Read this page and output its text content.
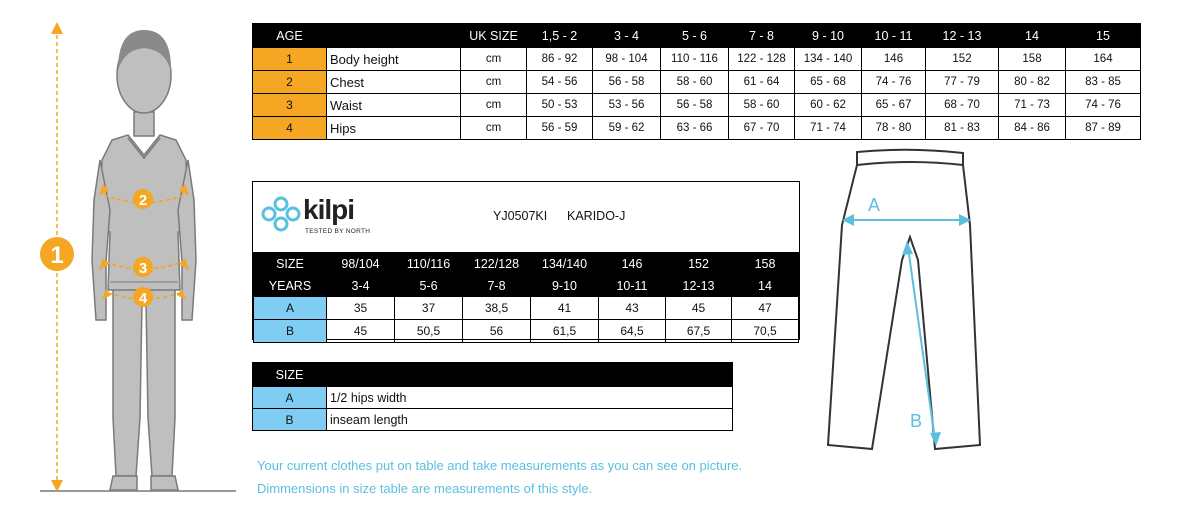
1
2
3
4
AGE		UK SIZE	1,5 - 2	3 - 4	5 - 6	7 - 8	9 - 10	10 - 11	12 - 13	14	15
1	Body height	cm	86 - 92	98 - 104	110 - 116	122 - 128	134 - 140	146	152	158	164
2	Chest	cm	54 - 56	56 - 58	58 - 60	61 - 64	65 - 68	74 - 76	77 - 79	80 - 82	83 - 85
3	Waist	cm	50 - 53	53 - 56	56 - 58	58 - 60	60 - 62	65 - 67	68 - 70	71 - 73	74 - 76
4	Hips	cm	56 - 59	59 - 62	63 - 66	67 - 70	71 - 74	78 - 80	81 - 83	84 - 86	87 - 89
kilpi
TESTED BY NORTH
YJ0507KI KARIDO-J
SIZE	98/104	110/116	122/128	134/140	146	152	158
YEARS	3-4	5-6	7-8	9-10	10-11	12-13	14
A	35	37	38,5	41	43	45	47
B	45	50,5	56	61,5	64,5	67,5	70,5
SIZE	
A	1/2 hips width
B	inseam length
A
B
Your current clothes put on table and take measurements as you can see on picture.
Dimmensions in size table are measurements of this style.
